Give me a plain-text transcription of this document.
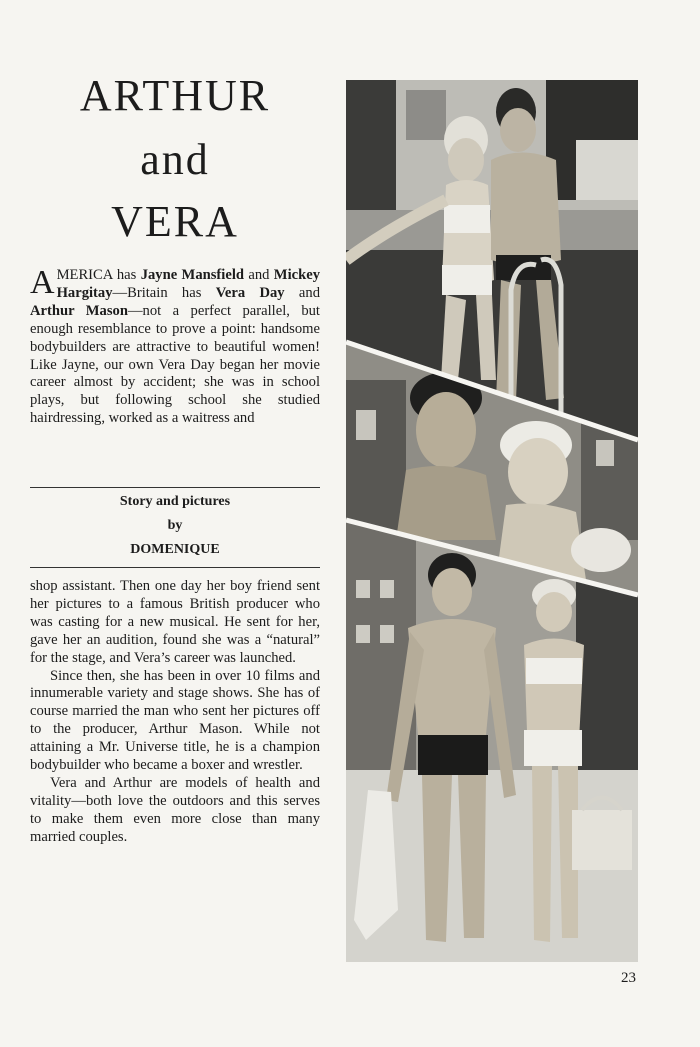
ARTHUR
and
VERA
AMERICA has Jayne Mansfield and Mickey Hargitay—Britain has Vera Day and Arthur Mason—not a perfect parallel, but enough resemblance to prove a point: handsome bodybuilders are attractive to beautiful women! Like Jayne, our own Vera Day began her movie career almost by accident; she was in school plays, but following school she studied hairdressing, worked as a waitress and
Story and pictures
by
DOMENIQUE

shop assistant. Then one day her boy friend sent her pictures to a famous British producer who was casting for a new musical. He sent for her, gave her an audition, found she was a “natural” for the stage, and Vera’s career was launched.

Since then, she has been in over 10 films and innumerable variety and stage shows. She has of course married the man who sent her pictures off to the producer, Arthur Mason. While not attaining a Mr. Universe title, he is a champion bodybuilder who became a boxer and wrestler.

Vera and Arthur are models of health and vitality—both love the outdoors and this serves to make them even more close than many married couples.

23
